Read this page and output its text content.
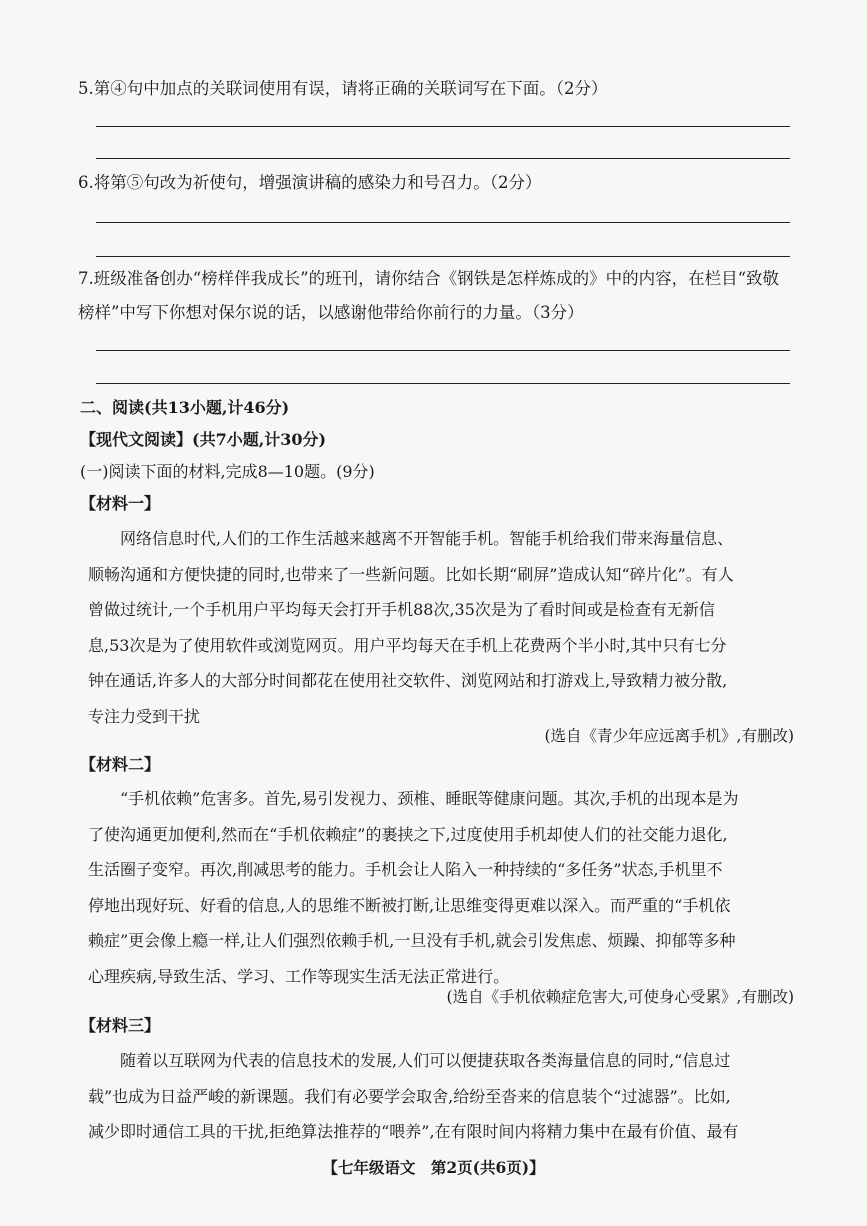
5.第④句中加点的关联词使用有误，请将正确的关联词写在下面。（2分）
6.将第⑤句改为祈使句，增强演讲稿的感染力和号召力。（2分）
7.班级准备创办“榜样伴我成长”的班刊，请你结合《钢铁是怎样炼成的》中的内容，在栏目“致敬
榜样”中写下你想对保尔说的话，以感谢他带给你前行的力量。（3分）
二、阅读(共13小题,计46分)
【现代文阅读】(共7小题,计30分)
(一)阅读下面的材料,完成8—10题。(9分)
【材料一】
网络信息时代,人们的工作生活越来越离不开智能手机。智能手机给我们带来海量信息、
顺畅沟通和方便快捷的同时,也带来了一些新问题。比如长期“刷屏”造成认知“碎片化”。有人
曾做过统计,一个手机用户平均每天会打开手机88次,35次是为了看时间或是检查有无新信
息,53次是为了使用软件或浏览网页。用户平均每天在手机上花费两个半小时,其中只有七分
钟在通话,许多人的大部分时间都花在使用社交软件、浏览网站和打游戏上,导致精力被分散,
专注力受到干扰
(选自《青少年应远离手机》,有删改)
【材料二】
“手机依赖”危害多。首先,易引发视力、颈椎、睡眠等健康问题。其次,手机的出现本是为
了使沟通更加便利,然而在“手机依赖症”的裹挟之下,过度使用手机却使人们的社交能力退化,
生活圈子变窄。再次,削减思考的能力。手机会让人陷入一种持续的“多任务”状态,手机里不
停地出现好玩、好看的信息,人的思维不断被打断,让思维变得更难以深入。而严重的“手机依
赖症”更会像上瘾一样,让人们强烈依赖手机,一旦没有手机,就会引发焦虑、烦躁、抑郁等多种
心理疾病,导致生活、学习、工作等现实生活无法正常进行。
(选自《手机依赖症危害大,可使身心受累》,有删改)
【材料三】
随着以互联网为代表的信息技术的发展,人们可以便捷获取各类海量信息的同时,“信息过
载”也成为日益严峻的新课题。我们有必要学会取舍,给纷至沓来的信息装个“过滤器”。比如,
减少即时通信工具的干扰,拒绝算法推荐的“喂养”,在有限时间内将精力集中在最有价值、最有
【七年级语文　第2页(共6页)】
